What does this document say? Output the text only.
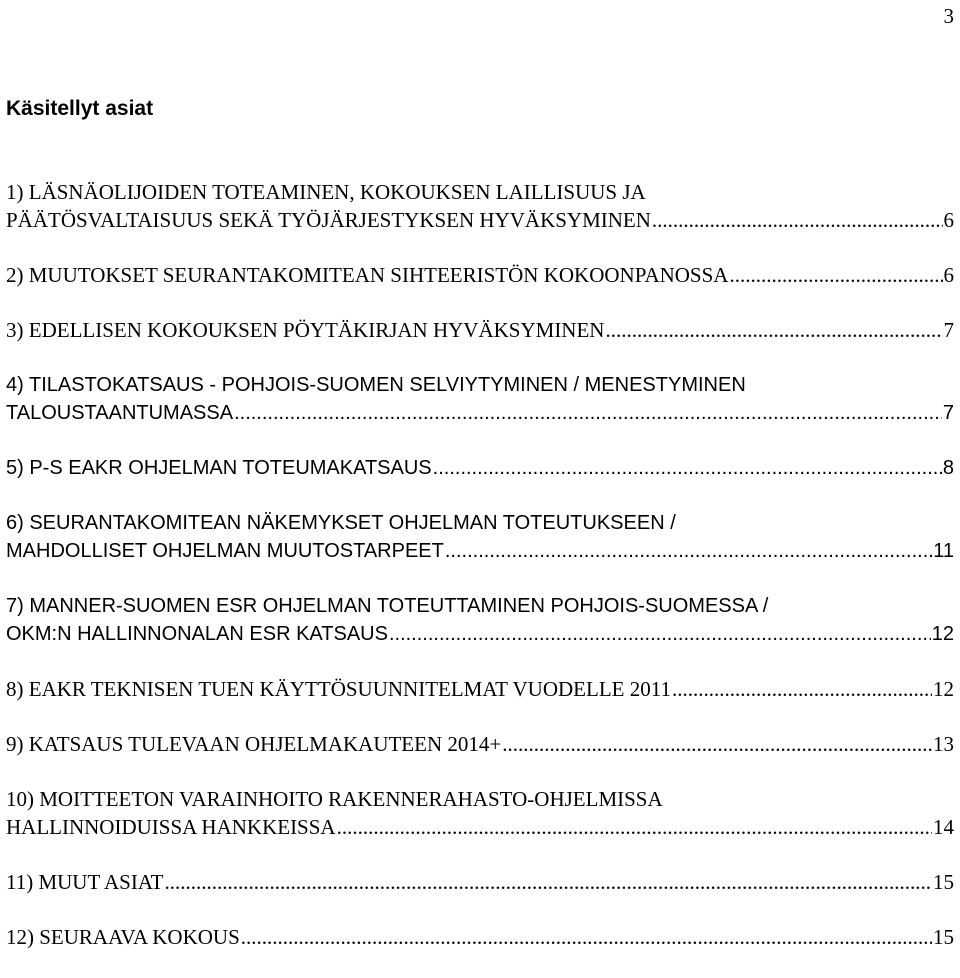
3
Käsitellyt asiat
1) LÄSNÄOLIJOIDEN TOTEAMINEN, KOKOUKSEN LAILLISUUS JA
PÄÄTÖSVALTAISUUS SEKÄ TYÖJÄRJESTYKSEN HYVÄKSYMINEN .....	6
2) MUUTOKSET SEURANTAKOMITEAN SIHTEERISTÖN KOKOONPANOSSA .....	6
3) EDELLISEN KOKOUKSEN PÖYTÄKIRJAN HYVÄKSYMINEN .....	7
4) TILASTOKATSAUS - POHJOIS-SUOMEN SELVIYTYMINEN / MENESTYMINEN
TALOUSTAANTUMASSA .....	7
5) P-S EAKR OHJELMAN TOTEUMAKATSAUS .....	8
6) SEURANTAKOMITEAN NÄKEMYKSET OHJELMAN TOTEUTUKSEEN /
MAHDOLLISET OHJELMAN MUUTOSTARPEET .....	11
7) MANNER-SUOMEN ESR OHJELMAN TOTEUTTAMINEN POHJOIS-SUOMESSA /
OKM:N HALLINNONALAN ESR KATSAUS .....	12
8) EAKR TEKNISEN TUEN KÄYTTÖSUUNNITELMAT VUODELLE 2011 .....	12
9) KATSAUS TULEVAAN OHJELMAKAUTEEN 2014+ .....	13
10) MOITTEETON VARAINHOITO RAKENNERAHASTO-OHJELMISSA
HALLINNOIDUISSA HANKKEISSA .....	14
11) MUUT ASIAT .....	15
12) SEURAAVA KOKOUS .....	15
